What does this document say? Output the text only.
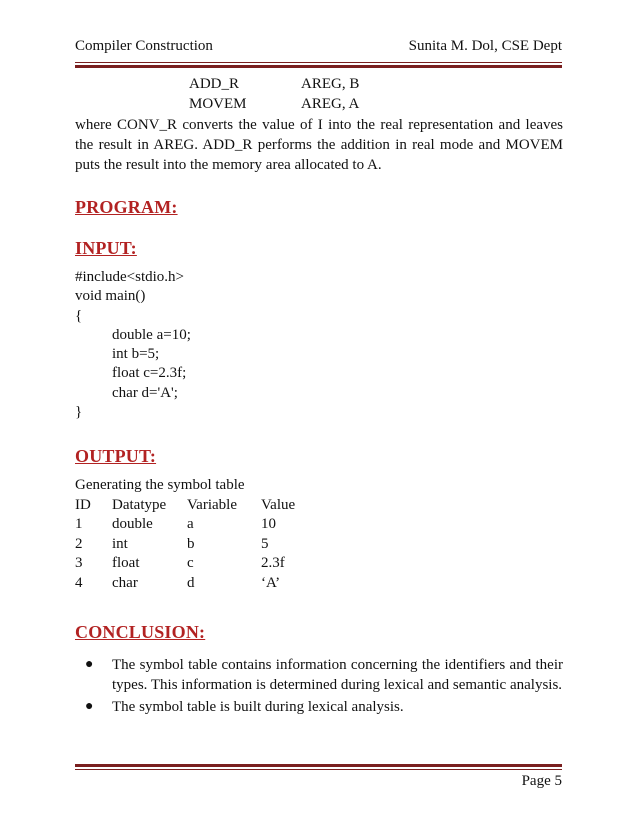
Compiler Construction	Sunita M. Dol, CSE Dept
ADD_R	AREG, B
MOVEM	AREG, A
where CONV_R converts the value of I into the real representation and leaves the result in AREG. ADD_R performs the addition in real mode and MOVEM puts the result into the memory area allocated to A.
PROGRAM:
INPUT:
#include<stdio.h>
void main()
{
double a=10;
int b=5;
float c=2.3f;
char d='A';
}
OUTPUT:
Generating the symbol table
ID	Datatype	Variable	Value
1	double	a	10
2	int	b	5
3	float	c	2.3f
4	char	d	‘A’
CONCLUSION:
● The symbol table contains information concerning the identifiers and their types. This information is determined during lexical and semantic analysis.
● The symbol table is built during lexical analysis.
Page 5
